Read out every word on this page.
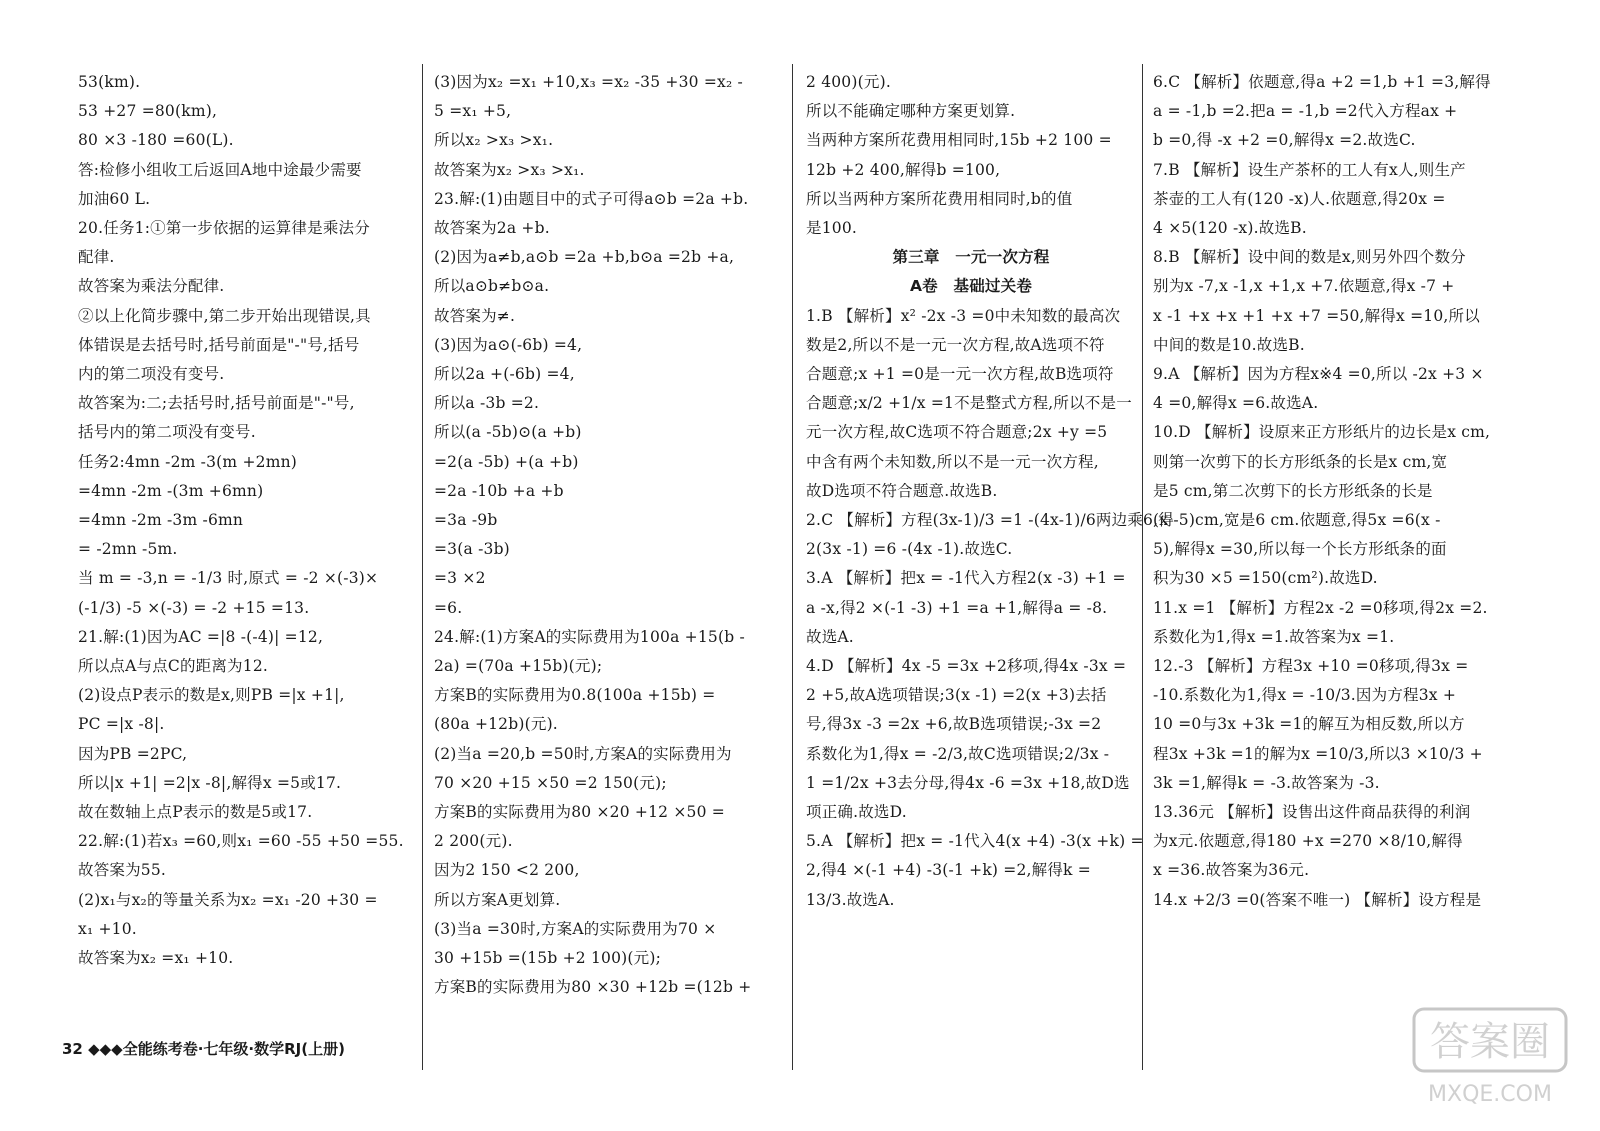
53(km).
53 +27 =80(km),
80 ×3 -180 =60(L).
答:检修小组收工后返回A地中途最少需要
加油60 L.
20.任务1:①第一步依据的运算律是乘法分
配律.
故答案为乘法分配律.
②以上化简步骤中,第二步开始出现错误,具
体错误是去括号时,括号前面是"-"号,括号
内的第二项没有变号.
故答案为:二;去括号时,括号前面是"-"号,
括号内的第二项没有变号.
任务2:4mn -2m -3(m +2mn)
=4mn -2m -(3m +6mn)
=4mn -2m -3m -6mn
= -2mn -5m.
当 m = -3,n = -1/3 时,原式 = -2 ×(-3)×
(-1/3) -5 ×(-3) = -2 +15 =13.
21.解:(1)因为AC =|8 -(-4)| =12,
所以点A与点C的距离为12.
(2)设点P表示的数是x,则PB =|x +1|,
PC =|x -8|.
因为PB =2PC,
所以|x +1| =2|x -8|,解得x =5或17.
故在数轴上点P表示的数是5或17.
22.解:(1)若x₃ =60,则x₁ =60 -55 +50 =55.
故答案为55.
(2)x₁与x₂的等量关系为x₂ =x₁ -20 +30 =
x₁ +10.
故答案为x₂ =x₁ +10.
(3)因为x₂ =x₁ +10,x₃ =x₂ -35 +30 =x₂ -
5 =x₁ +5,
所以x₂ >x₃ >x₁.
故答案为x₂ >x₃ >x₁.
23.解:(1)由题目中的式子可得a⊙b =2a +b.
故答案为2a +b.
(2)因为a≠b,a⊙b =2a +b,b⊙a =2b +a,
所以a⊙b≠b⊙a.
故答案为≠.
(3)因为a⊙(-6b) =4,
所以2a +(-6b) =4,
所以a -3b =2.
所以(a -5b)⊙(a +b)
=2(a -5b) +(a +b)
=2a -10b +a +b
=3a -9b
=3(a -3b)
=3 ×2
=6.
24.解:(1)方案A的实际费用为100a +15(b -
2a) =(70a +15b)(元);
方案B的实际费用为0.8(100a +15b) =
(80a +12b)(元).
(2)当a =20,b =50时,方案A的实际费用为
70 ×20 +15 ×50 =2 150(元);
方案B的实际费用为80 ×20 +12 ×50 =
2 200(元).
因为2 150 <2 200,
所以方案A更划算.
(3)当a =30时,方案A的实际费用为70 ×
30 +15b =(15b +2 100)(元);
方案B的实际费用为80 ×30 +12b =(12b +
2 400)(元).
所以不能确定哪种方案更划算.
当两种方案所花费用相同时,15b +2 100 =
12b +2 400,解得b =100,
所以当两种方案所花费用相同时,b的值
是100.
第三章　一元一次方程
A卷　基础过关卷
1.B 【解析】x² -2x -3 =0中未知数的最高次
数是2,所以不是一元一次方程,故A选项不符
合题意;x +1 =0是一元一次方程,故B选项符
合题意;x/2 +1/x =1不是整式方程,所以不是一
元一次方程,故C选项不符合题意;2x +y =5
中含有两个未知数,所以不是一元一次方程,
故D选项不符合题意.故选B.
2.C 【解析】方程(3x-1)/3 =1 -(4x-1)/6两边乘6,得
2(3x -1) =6 -(4x -1).故选C.
3.A 【解析】把x = -1代入方程2(x -3) +1 =
a -x,得2 ×(-1 -3) +1 =a +1,解得a = -8.
故选A.
4.D 【解析】4x -5 =3x +2移项,得4x -3x =
2 +5,故A选项错误;3(x -1) =2(x +3)去括
号,得3x -3 =2x +6,故B选项错误;-3x =2
系数化为1,得x = -2/3,故C选项错误;2/3x -
1 =1/2x +3去分母,得4x -6 =3x +18,故D选
项正确.故选D.
5.A 【解析】把x = -1代入4(x +4) -3(x +k) =
2,得4 ×(-1 +4) -3(-1 +k) =2,解得k =
13/3.故选A.
6.C 【解析】依题意,得a +2 =1,b +1 =3,解得
a = -1,b =2.把a = -1,b =2代入方程ax +
b =0,得 -x +2 =0,解得x =2.故选C.
7.B 【解析】设生产茶杯的工人有x人,则生产
茶壶的工人有(120 -x)人.依题意,得20x =
4 ×5(120 -x).故选B.
8.B 【解析】设中间的数是x,则另外四个数分
别为x -7,x -1,x +1,x +7.依题意,得x -7 +
x -1 +x +x +1 +x +7 =50,解得x =10,所以
中间的数是10.故选B.
9.A 【解析】因为方程x※4 =0,所以 -2x +3 ×
4 =0,解得x =6.故选A.
10.D 【解析】设原来正方形纸片的边长是x cm,
则第一次剪下的长方形纸条的长是x cm,宽
是5 cm,第二次剪下的长方形纸条的长是
(x -5)cm,宽是6 cm.依题意,得5x =6(x -
5),解得x =30,所以每一个长方形纸条的面
积为30 ×5 =150(cm²).故选D.
11.x =1 【解析】方程2x -2 =0移项,得2x =2.
系数化为1,得x =1.故答案为x =1.
12.-3 【解析】方程3x +10 =0移项,得3x =
-10.系数化为1,得x = -10/3.因为方程3x +
10 =0与3x +3k =1的解互为相反数,所以方
程3x +3k =1的解为x =10/3,所以3 ×10/3 +
3k =1,解得k = -3.故答案为 -3.
13.36元 【解析】设售出这件商品获得的利润
为x元.依题意,得180 +x =270 ×8/10,解得
x =36.故答案为36元.
14.x +2/3 =0(答案不唯一) 【解析】设方程是
32 ◆◆◆全能练考卷·七年级·数学RJ(上册)	答案圈
MXQE.COM
